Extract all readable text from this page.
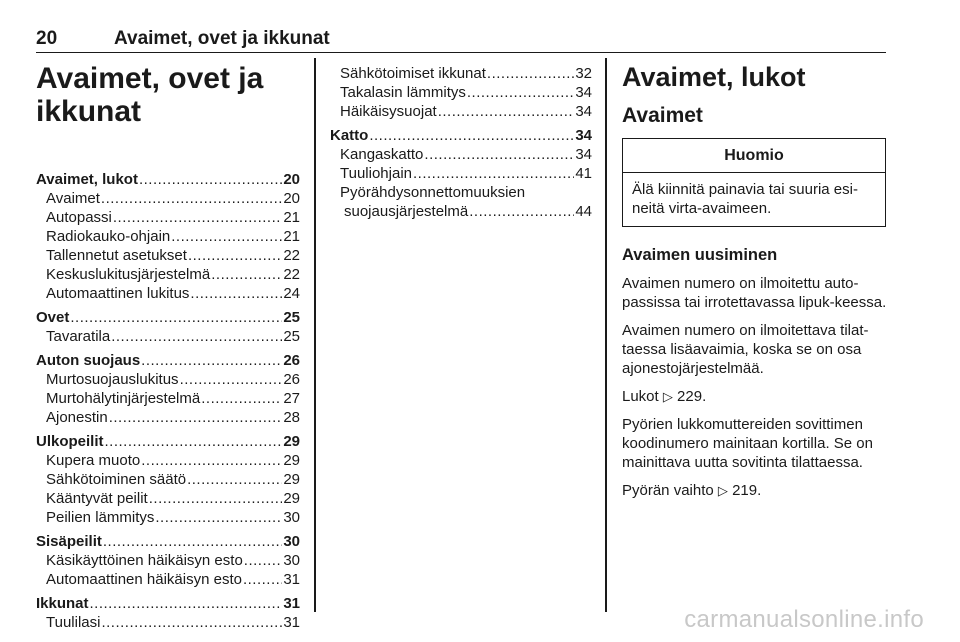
20	Avaimet, ovet ja ikkunat
Avaimet, ovet ja ikkunat
Avaimet, lukot .....	20
Avaimet .....	20
Autopassi .....	21
Radiokauko-ohjain .....	21
Tallennetut asetukset .....	22
Keskuslukitusjärjestelmä .....	22
Automaattinen lukitus .....	24
Ovet .....	25
Tavaratila .....	25
Auton suojaus .....	26
Murtosuojauslukitus .....	26
Murtohälytinjärjestelmä .....	27
Ajonestin .....	28
Ulkopeilit .....	29
Kupera muoto .....	29
Sähkötoiminen säätö .....	29
Kääntyvät peilit .....	29
Peilien lämmitys .....	30
Sisäpeilit .....	30
Käsikäyttöinen häikäisyn esto .....	30
Automaattinen häikäisyn esto .....	31
Ikkunat .....	31
Tuulilasi .....	31
Sähkötoimiset ikkunat .....	32
Takalasin lämmitys .....	34
Häikäisysuojat .....	34
Katto .....	34
Kangaskatto .....	34
Tuuliohjain .....	41
Pyörähdysonnettomuuksien
suojausjärjestelmä .....	44
Avaimet, lukot
Avaimet
Huomio
Älä kiinnitä painavia tai suuria esi-neitä virta-avaimeen.
Avaimen uusiminen

Avaimen numero on ilmoitettu auto-passissa tai irrotettavassa lipuk-keessa.

Avaimen numero on ilmoitettava tilat-taessa lisäavaimia, koska se on osa ajonestojärjestelmää.

Lukot ▷ 229.

Pyörien lukkomuttereiden sovittimen koodinumero mainitaan kortilla. Se on mainittava uutta sovitinta tilattaessa.

Pyörän vaihto ▷ 219.

carmanualsonline.info
